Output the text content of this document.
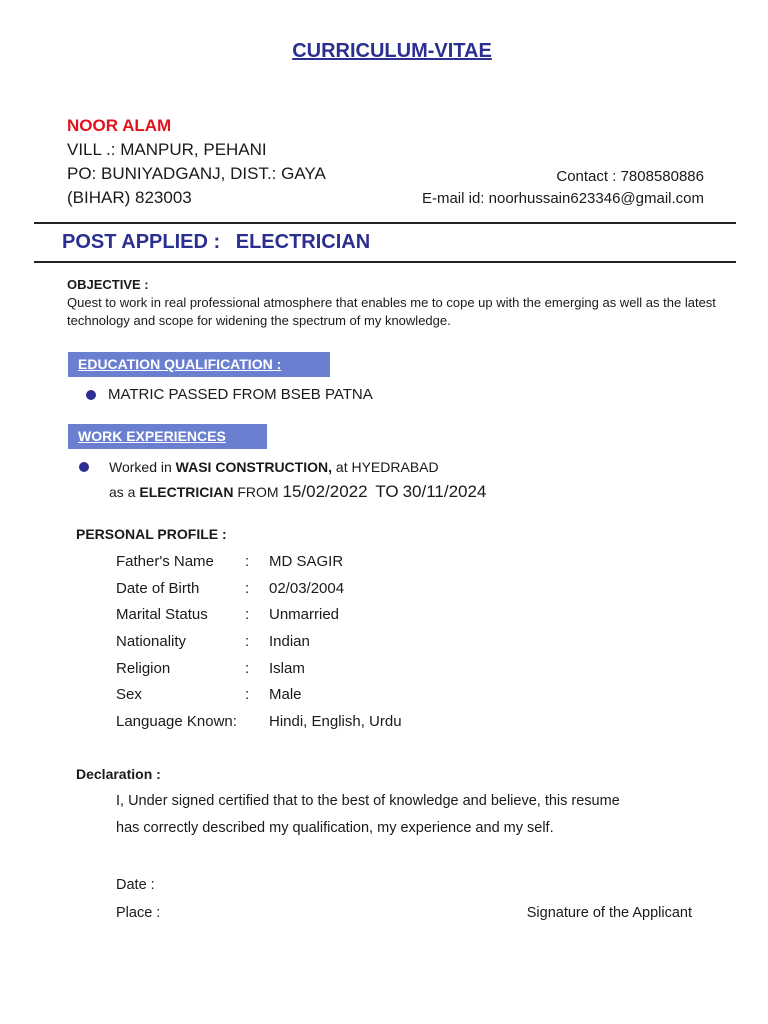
CURRICULUM-VITAE
NOOR ALAM
VILL .: MANPUR, PEHANI
PO: BUNIYADGANJ, DIST.: GAYA
(BIHAR) 823003
Contact : 7808580886
E-mail id: noorhussain623346@gmail.com
POST APPLIED : ELECTRICIAN
OBJECTIVE :
Quest to work in real professional atmosphere that enables me to cope up with the emerging as well as the latest technology and scope for widening the spectrum of my knowledge.
EDUCATION QUALIFICATION :
MATRIC PASSED FROM BSEB PATNA
WORK EXPERIENCES
Worked in WASI CONSTRUCTION, at HYEDRABAD
as a ELECTRICIAN FROM 15/02/2022 TO 30/11/2024
PERSONAL PROFILE :
Father's Name : MD SAGIR
Date of Birth	: 02/03/2004
Marital Status : Unmarried
Nationality	: Indian
Religion	: Islam
Sex	: Male
Language Known: Hindi, English, Urdu
Declaration :
I, Under signed certified that to the best of knowledge and believe, this resume
has correctly described my qualification, my experience and my self.
Date :
Place :	Signature of the Applicant
